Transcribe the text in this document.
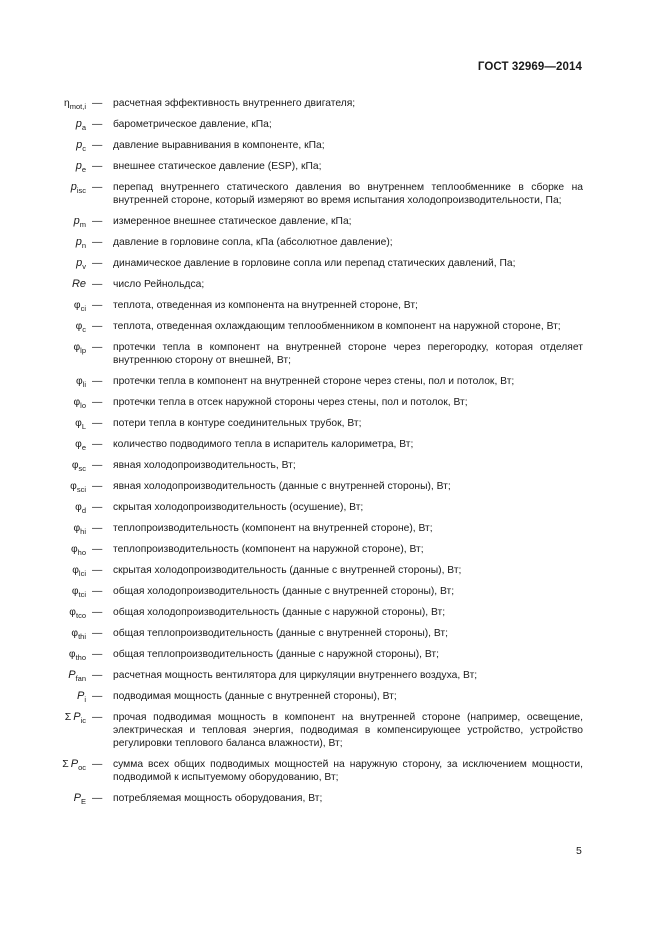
ГОСТ 32969—2014
$\eta_{mot,i}$ — расчетная эффективность внутреннего двигателя;
$p_a$ — барометрическое давление, кПа;
$p_c$ — давление выравнивания в компоненте, кПа;
$p_e$ — внешнее статическое давление (ESP), кПа;
$p_{isc}$ — перепад внутреннего статического давления во внутреннем теплообменнике в сборке на внутренней стороне, который измеряют во время испытания холодопроизводительности, Па;
$p_m$ — измеренное внешнее статическое давление, кПа;
$p_n$ — давление в горловине сопла, кПа (абсолютное давление);
$p_v$ — динамическое давление в горловине сопла или перепад статических давлений, Па;
Re — число Рейнольдса;
$\varphi_{ci}$ — теплота, отведенная из компонента на внутренней стороне, Вт;
$\varphi_c$ — теплота, отведенная охлаждающим теплообменником в компонент на наружной стороне, Вт;
$\varphi_{lp}$ — протечки тепла в компонент на внутренней стороне через перегородку, которая отделяет внутреннюю сторону от внешней, Вт;
$\varphi_{li}$ — протечки тепла в компонент на внутренней стороне через стены, пол и потолок, Вт;
$\varphi_{lo}$ — протечки тепла в отсек наружной стороны через стены, пол и потолок, Вт;
$\varphi_L$ — потери тепла в контуре соединительных трубок, Вт;
$\varphi_e$ — количество подводимого тепла в испаритель калориметра, Вт;
$\varphi_{sc}$ — явная холодопроизводительность, Вт;
$\varphi_{sci}$ — явная холодопроизводительность (данные с внутренней стороны), Вт;
$\varphi_d$ — скрытая холодопроизводительность (осушение), Вт;
$\varphi_{hi}$ — теплопроизводительность (компонент на внутренней стороне), Вт;
$\varphi_{ho}$ — теплопроизводительность (компонент на наружной стороне), Вт;
$\varphi_{lci}$ — скрытая холодопроизводительность (данные с внутренней стороны), Вт;
$\varphi_{tci}$ — общая холодопроизводительность (данные с внутренней стороны), Вт;
$\varphi_{tco}$ — общая холодопроизводительность (данные с наружной стороны), Вт;
$\varphi_{thi}$ — общая теплопроизводительность (данные с внутренней стороны), Вт;
$\varphi_{tho}$ — общая теплопроизводительность (данные с наружной стороны), Вт;
$P_{fan}$ — расчетная мощность вентилятора для циркуляции внутреннего воздуха, Вт;
$P_i$ — подводимая мощность (данные с внутренней стороны), Вт;
Σ $P_{ic}$ — прочая подводимая мощность в компонент на внутренней стороне (например, освещение, электрическая и тепловая энергия, подводимая в компенсирующее устройство, устройство регулировки теплового баланса влажности), Вт;
Σ $P_{oc}$ — сумма всех общих подводимых мощностей на наружную сторону, за исключением мощности, подводимой к испытуемому оборудованию, Вт;
$P_E$ — потребляемая мощность оборудования, Вт;
5
